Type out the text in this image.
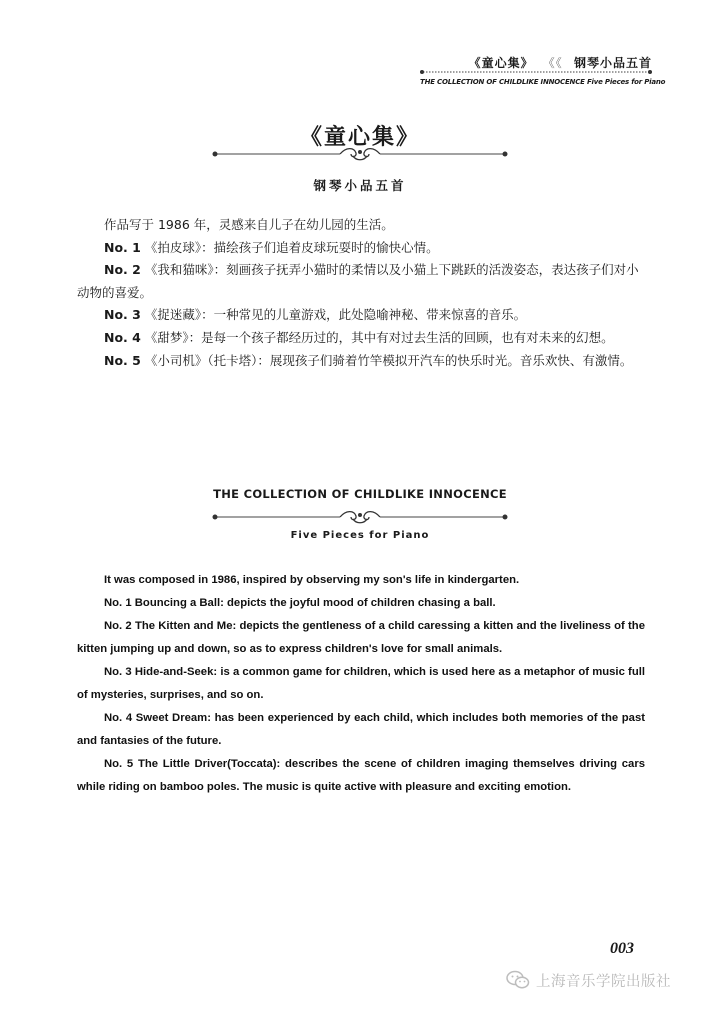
《童心集》 《《 钢琴小品五首
THE COLLECTION OF CHILDLIKE INNOCENCE Five Pieces for Piano
《童心集》
钢琴小品五首

作品写于 1986 年，灵感来自儿子在幼儿园的生活。

No. 1 《拍皮球》：描绘孩子们追着皮球玩耍时的愉快心情。

No. 2 《我和猫咪》：刻画孩子抚弄小猫时的柔情以及小猫上下跳跃的活泼姿态，表达孩子们对小动物的喜爱。

No. 3 《捉迷藏》：一种常见的儿童游戏，此处隐喻神秘、带来惊喜的音乐。

No. 4 《甜梦》：是每一个孩子都经历过的，其中有对过去生活的回顾，也有对未来的幻想。

No. 5 《小司机》（托卡塔）：展现孩子们骑着竹竿模拟开汽车的快乐时光。音乐欢快、有激情。

THE COLLECTION OF CHILDLIKE INNOCENCE
Five Pieces for Piano

It was composed in 1986, inspired by observing my son's life in kindergarten.

No. 1 Bouncing a Ball: depicts the joyful mood of children chasing a ball.

No. 2 The Kitten and Me: depicts the gentleness of a child caressing a kitten and the liveliness of the kitten jumping up and down, so as to express children's love for small animals.

No. 3 Hide-and-Seek: is a common game for children, which is used here as a metaphor of music full of mysteries, surprises, and so on.

No. 4 Sweet Dream: has been experienced by each child, which includes both memories of the past and fantasies of the future.

No. 5 The Little Driver(Toccata): describes the scene of children imaging themselves driving cars while riding on bamboo poles. The music is quite active with pleasure and exciting emotion.

003
上海音乐学院出版社
